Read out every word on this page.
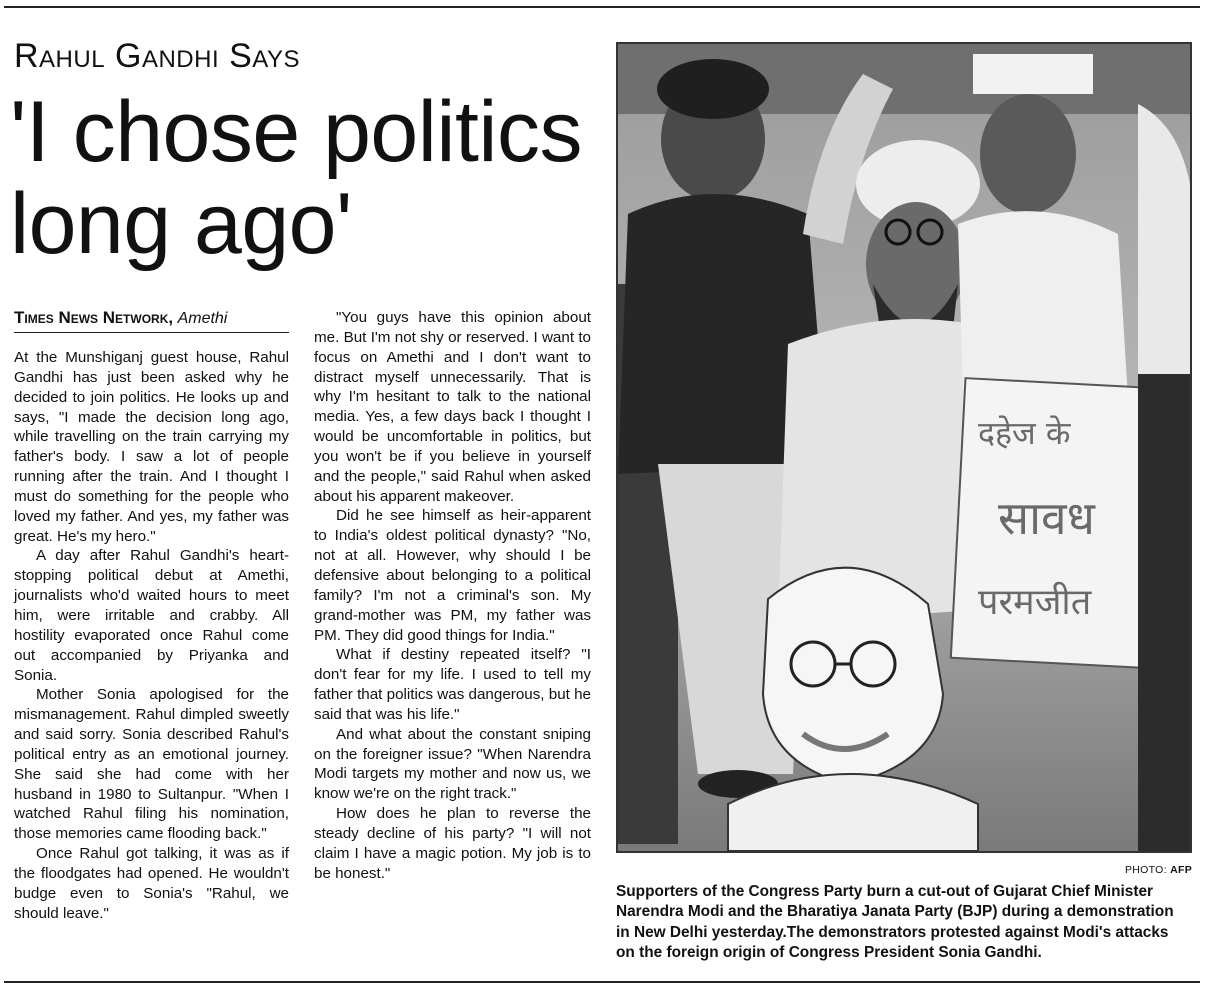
Rahul Gandhi Says
'I chose politics
long ago'
Times News Network, Amethi

At the Munshiganj guest house, Rahul Gandhi has just been asked why he decided to join politics. He looks up and says, "I made the decision long ago, while travelling on the train carrying my father's body. I saw a lot of people running after the train. And I thought I must do something for the people who loved my father. And yes, my father was great. He's my hero."

A day after Rahul Gandhi's heart-stopping political debut at Amethi, journalists who'd waited hours to meet him, were irritable and crabby. All hostility evaporated once Rahul come out accompanied by Priyanka and Sonia.

Mother Sonia apologised for the mismanagement. Rahul dimpled sweetly and said sorry. Sonia described Rahul's political entry as an emotional journey. She said she had come with her husband in 1980 to Sultanpur. "When I watched Rahul filing his nomination, those memories came flooding back."

Once Rahul got talking, it was as if the floodgates had opened. He wouldn't budge even to Sonia's "Rahul, we should leave."

"You guys have this opinion about me. But I'm not shy or reserved. I want to focus on Amethi and I don't want to distract myself unnecessarily. That is why I'm hesitant to talk to the national media. Yes, a few days back I thought I would be uncomfortable in politics, but you won't be if you believe in yourself and the people," said Rahul when asked about his apparent makeover.

Did he see himself as heir-apparent to India's oldest political dynasty? "No, not at all. However, why should I be defensive about belonging to a political family? I'm not a criminal's son. My grand-mother was PM, my father was PM. They did good things for India."

What if destiny repeated itself? "I don't fear for my life. I used to tell my father that politics was dangerous, but he said that was his life."

And what about the constant sniping on the foreigner issue? "When Narendra Modi targets my mother and now us, we know we're on the right track."

How does he plan to reverse the steady decline of his party? "I will not claim I have a magic potion. My job is to be honest."

दहेज के
सावध
परमजीत
PHOTO: AFP
Supporters of the Congress Party burn a cut-out of Gujarat Chief Minister
Narendra Modi and the Bharatiya Janata Party (BJP) during a demonstration
in New Delhi yesterday.The demonstrators protested against Modi's attacks
on the foreign origin of Congress President Sonia Gandhi.
